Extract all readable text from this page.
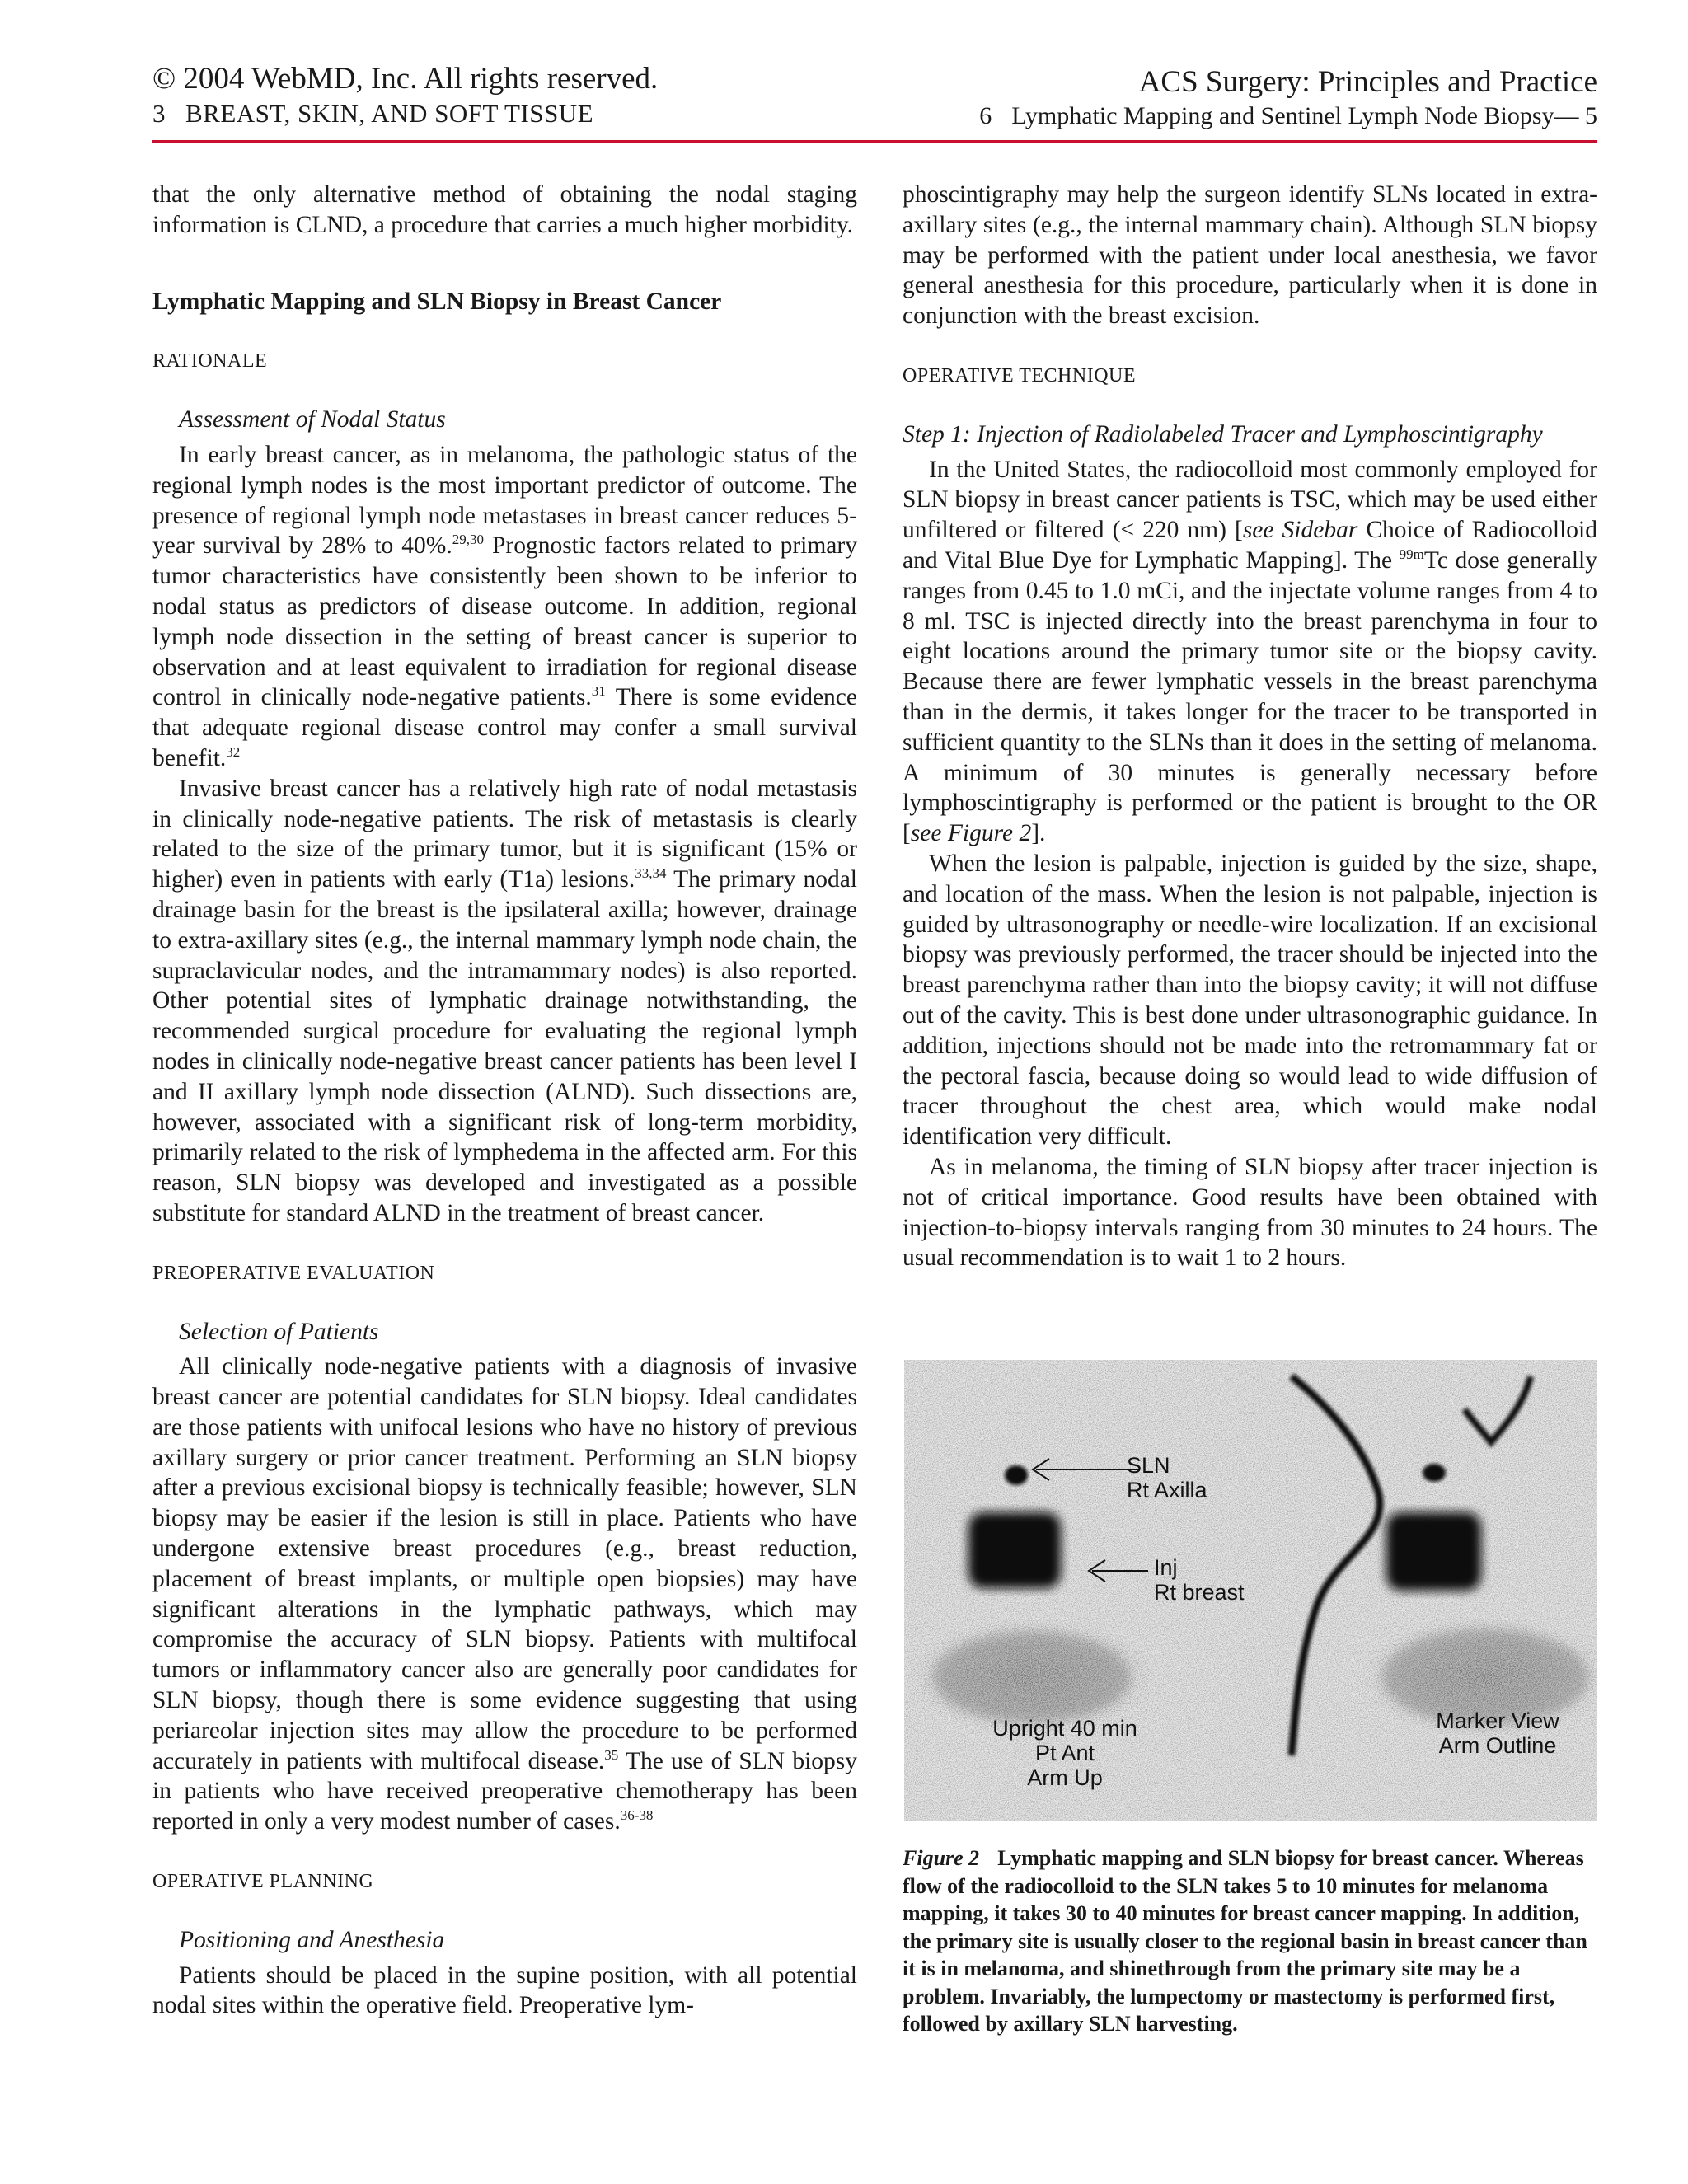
© 2004 WebMD, Inc. All rights reserved.
3 BREAST, SKIN, AND SOFT TISSUE
ACS Surgery: Principles and Practice
6 Lymphatic Mapping and Sentinel Lymph Node Biopsy— 5

that the only alternative method of obtaining the nodal staging information is CLND, a procedure that carries a much higher morbidity.

Lymphatic Mapping and SLN Biopsy in Breast Cancer

RATIONALE

Assessment of Nodal Status

In early breast cancer, as in melanoma, the pathologic status of the regional lymph nodes is the most important predictor of outcome. The presence of regional lymph node metastases in breast cancer reduces 5-year survival by 28% to 40%.$^{29,30}$ Prognostic factors related to primary tumor characteristics have consistently been shown to be inferior to nodal status as predictors of disease outcome. In addition, regional lymph node dissection in the setting of breast cancer is superior to observation and at least equivalent to irradiation for regional disease control in clinically node-negative patients.$^{31}$ There is some evidence that adequate regional disease control may confer a small survival benefit.$^{32}$

Invasive breast cancer has a relatively high rate of nodal metastasis in clinically node-negative patients. The risk of metastasis is clearly related to the size of the primary tumor, but it is significant (15% or higher) even in patients with early (T1a) lesions.$^{33,34}$ The primary nodal drainage basin for the breast is the ipsilateral axilla; however, drainage to extra-axillary sites (e.g., the internal mammary lymph node chain, the supraclavicular nodes, and the intramammary nodes) is also reported. Other potential sites of lymphatic drainage notwithstanding, the recommended surgical procedure for evaluating the regional lymph nodes in clinically node-negative breast cancer patients has been level I and II axillary lymph node dissection (ALND). Such dissections are, however, associated with a significant risk of long-term morbidity, primarily related to the risk of lymphedema in the affected arm. For this reason, SLN biopsy was developed and investigated as a possible substitute for standard ALND in the treatment of breast cancer.

PREOPERATIVE EVALUATION

Selection of Patients

All clinically node-negative patients with a diagnosis of invasive breast cancer are potential candidates for SLN biopsy. Ideal candidates are those patients with unifocal lesions who have no history of previous axillary surgery or prior cancer treatment. Performing an SLN biopsy after a previous excisional biopsy is technically feasible; however, SLN biopsy may be easier if the lesion is still in place. Patients who have undergone extensive breast procedures (e.g., breast reduction, placement of breast implants, or multiple open biopsies) may have significant alterations in the lymphatic pathways, which may compromise the accuracy of SLN biopsy. Patients with multifocal tumors or inflammatory cancer also are generally poor candidates for SLN biopsy, though there is some evidence suggesting that using periareolar injection sites may allow the procedure to be performed accurately in patients with multifocal disease.$^{35}$ The use of SLN biopsy in patients who have received preoperative chemotherapy has been reported in only a very modest number of cases.$^{36-38}$

OPERATIVE PLANNING

Positioning and Anesthesia

Patients should be placed in the supine position, with all potential nodal sites within the operative field. Preoperative lym-

phoscintigraphy may help the surgeon identify SLNs located in extra-axillary sites (e.g., the internal mammary chain). Although SLN biopsy may be performed with the patient under local anesthesia, we favor general anesthesia for this procedure, particularly when it is done in conjunction with the breast excision.

OPERATIVE TECHNIQUE

Step 1: Injection of Radiolabeled Tracer and Lymphoscintigraphy

In the United States, the radiocolloid most commonly employed for SLN biopsy in breast cancer patients is TSC, which may be used either unfiltered or filtered (< 220 nm) [see Sidebar Choice of Radiocolloid and Vital Blue Dye for Lymphatic Mapping]. The $^{99m}$Tc dose generally ranges from 0.45 to 1.0 mCi, and the injectate volume ranges from 4 to 8 ml. TSC is injected directly into the breast parenchyma in four to eight locations around the primary tumor site or the biopsy cavity. Because there are fewer lymphatic vessels in the breast parenchyma than in the dermis, it takes longer for the tracer to be transported in sufficient quantity to the SLNs than it does in the setting of melanoma. A minimum of 30 minutes is generally necessary before lymphoscintigraphy is performed or the patient is brought to the OR [see Figure 2].

When the lesion is palpable, injection is guided by the size, shape, and location of the mass. When the lesion is not palpable, injection is guided by ultrasonography or needle-wire localization. If an excisional biopsy was previously performed, the tracer should be injected into the breast parenchyma rather than into the biopsy cavity; it will not diffuse out of the cavity. This is best done under ultrasonographic guidance. In addition, injections should not be made into the retromammary fat or the pectoral fascia, because doing so would lead to wide diffusion of tracer throughout the chest area, which would make nodal identification very difficult.

As in melanoma, the timing of SLN biopsy after tracer injection is not of critical importance. Good results have been obtained with injection-to-biopsy intervals ranging from 30 minutes to 24 hours. The usual recommendation is to wait 1 to 2 hours.

SLN
Rt Axilla
Inj
Rt breast
Upright 40 min
Pt Ant
Arm Up
Marker View
Arm Outline
Figure 2 Lymphatic mapping and SLN biopsy for breast cancer. Whereas flow of the radiocolloid to the SLN takes 5 to 10 minutes for melanoma mapping, it takes 30 to 40 minutes for breast cancer mapping. In addition, the primary site is usually closer to the regional basin in breast cancer than it is in melanoma, and shinethrough from the primary site may be a problem. Invariably, the lumpectomy or mastectomy is performed first, followed by axillary SLN harvesting.
